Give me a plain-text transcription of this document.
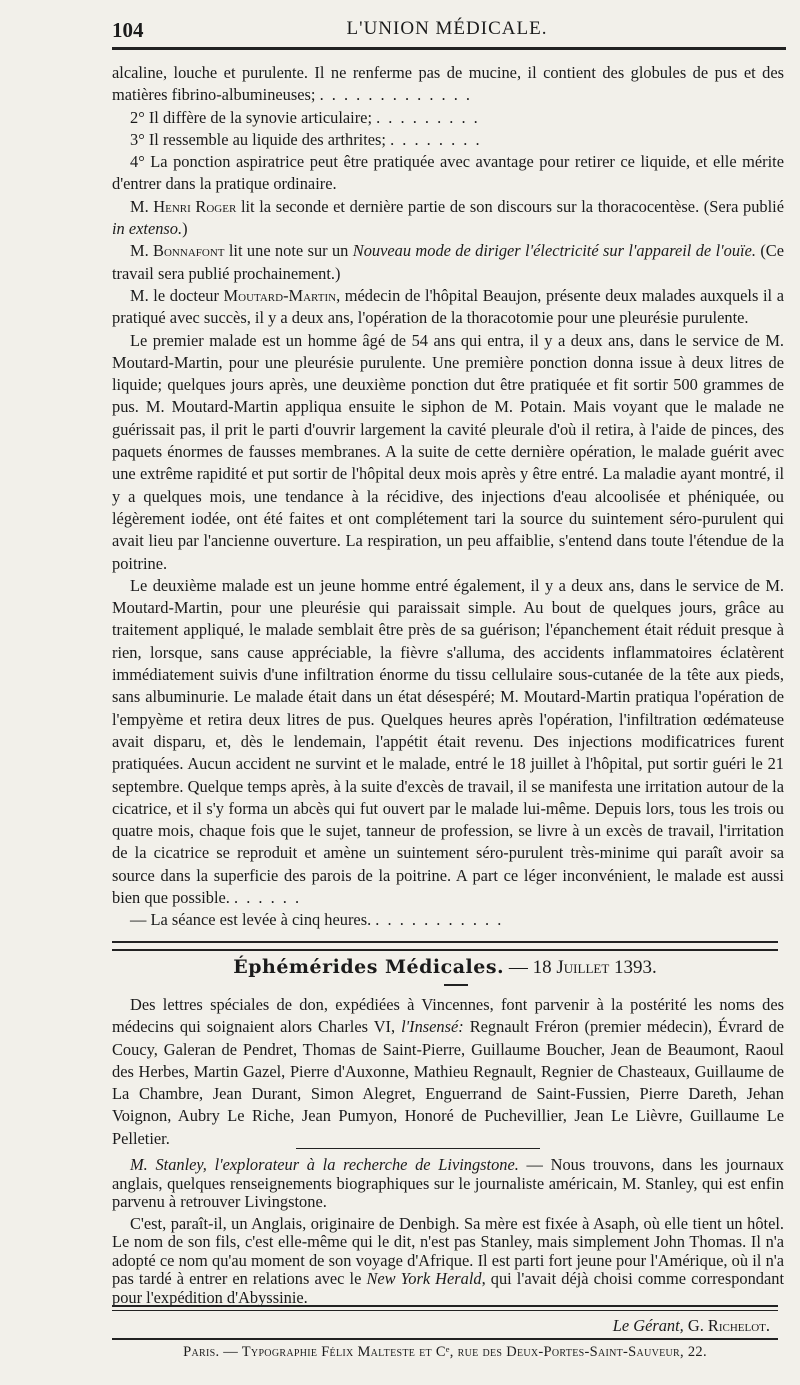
104	L'UNION MÉDICALE.

alcaline, louche et purulente. Il ne renferme pas de mucine, il contient des globules de pus et des matières fibrino-albumineuses; . . . . . . . . . . . . .

2° Il diffère de la synovie articulaire; . . . . . . . . .

3° Il ressemble au liquide des arthrites; . . . . . . . .

4° La ponction aspiratrice peut être pratiquée avec avantage pour retirer ce liquide, et elle mérite d'entrer dans la pratique ordinaire.

M. Henri Roger lit la seconde et dernière partie de son discours sur la thoracocentèse. (Sera publié in extenso.)

M. Bonnafont lit une note sur un Nouveau mode de diriger l'électricité sur l'appareil de l'ouïe. (Ce travail sera publié prochainement.)

M. le docteur Moutard-Martin, médecin de l'hôpital Beaujon, présente deux malades auxquels il a pratiqué avec succès, il y a deux ans, l'opération de la thoracotomie pour une pleurésie purulente.

Le premier malade est un homme âgé de 54 ans qui entra, il y a deux ans, dans le service de M. Moutard-Martin, pour une pleurésie purulente. Une première ponction donna issue à deux litres de liquide; quelques jours après, une deuxième ponction dut être pratiquée et fit sortir 500 grammes de pus. M. Moutard-Martin appliqua ensuite le siphon de M. Potain. Mais voyant que le malade ne guérissait pas, il prit le parti d'ouvrir largement la cavité pleurale d'où il retira, à l'aide de pinces, des paquets énormes de fausses membranes. A la suite de cette dernière opération, le malade guérit avec une extrême rapidité et put sortir de l'hôpital deux mois après y être entré. La maladie ayant montré, il y a quelques mois, une tendance à la récidive, des injections d'eau alcoolisée et phéniquée, ou légèrement iodée, ont été faites et ont complétement tari la source du suintement séro-purulent qui avait lieu par l'ancienne ouverture. La respiration, un peu affaiblie, s'entend dans toute l'étendue de la poitrine.

Le deuxième malade est un jeune homme entré également, il y a deux ans, dans le service de M. Moutard-Martin, pour une pleurésie qui paraissait simple. Au bout de quelques jours, grâce au traitement appliqué, le malade semblait être près de sa guérison; l'épanchement était réduit presque à rien, lorsque, sans cause appréciable, la fièvre s'alluma, des accidents inflammatoires éclatèrent immédiatement suivis d'une infiltration énorme du tissu cellulaire sous-cutanée de la tête aux pieds, sans albuminurie. Le malade était dans un état désespéré; M. Moutard-Martin pratiqua l'opération de l'empyème et retira deux litres de pus. Quelques heures après l'opération, l'infiltration œdémateuse avait disparu, et, dès le lendemain, l'appétit était revenu. Des injections modificatrices furent pratiquées. Aucun accident ne survint et le malade, entré le 18 juillet à l'hôpital, put sortir guéri le 21 septembre. Quelque temps après, à la suite d'excès de travail, il se manifesta une irritation autour de la cicatrice, et il s'y forma un abcès qui fut ouvert par le malade lui-même. Depuis lors, tous les trois ou quatre mois, chaque fois que le sujet, tanneur de profession, se livre à un excès de travail, l'irritation de la cicatrice se reproduit et amène un suintement séro-purulent très-minime qui paraît avoir sa source dans la superficie des parois de la poitrine. A part ce léger inconvénient, le malade est aussi bien que possible. . . . . . .

— La séance est levée à cinq heures. . . . . . . . . . . .

Éphémérides Médicales. — 18 Juillet 1393.

Des lettres spéciales de don, expédiées à Vincennes, font parvenir à la postérité les noms des médecins qui soignaient alors Charles VI, l'Insensé: Regnault Fréron (premier médecin), Évrard de Coucy, Galeran de Pendret, Thomas de Saint-Pierre, Guillaume Boucher, Jean de Beaumont, Raoul des Herbes, Martin Gazel, Pierre d'Auxonne, Mathieu Regnault, Regnier de Chasteaux, Guillaume de La Chambre, Jean Durant, Simon Alegret, Enguerrand de Saint-Fussien, Pierre Dareth, Jehan Voignon, Aubry Le Riche, Jean Pumyon, Honoré de Puchevillier, Jean Le Lièvre, Guillaume Le Pelletier.

M. Stanley, l'explorateur à la recherche de Livingstone. — Nous trouvons, dans les journaux anglais, quelques renseignements biographiques sur le journaliste américain, M. Stanley, qui est enfin parvenu à retrouver Livingstone.

C'est, paraît-il, un Anglais, originaire de Denbigh. Sa mère est fixée à Asaph, où elle tient un hôtel. Le nom de son fils, c'est elle-même qui le dit, n'est pas Stanley, mais simplement John Thomas. Il n'a adopté ce nom qu'au moment de son voyage d'Afrique. Il est parti fort jeune pour l'Amérique, où il n'a pas tardé à entrer en relations avec le New York Herald, qui l'avait déjà choisi comme correspondant pour l'expédition d'Abyssinie.

Le Gérant, G. Richelot.
Paris. — Typographie Félix Malteste et Cᵉ, rue des Deux-Portes-Saint-Sauveur, 22.
